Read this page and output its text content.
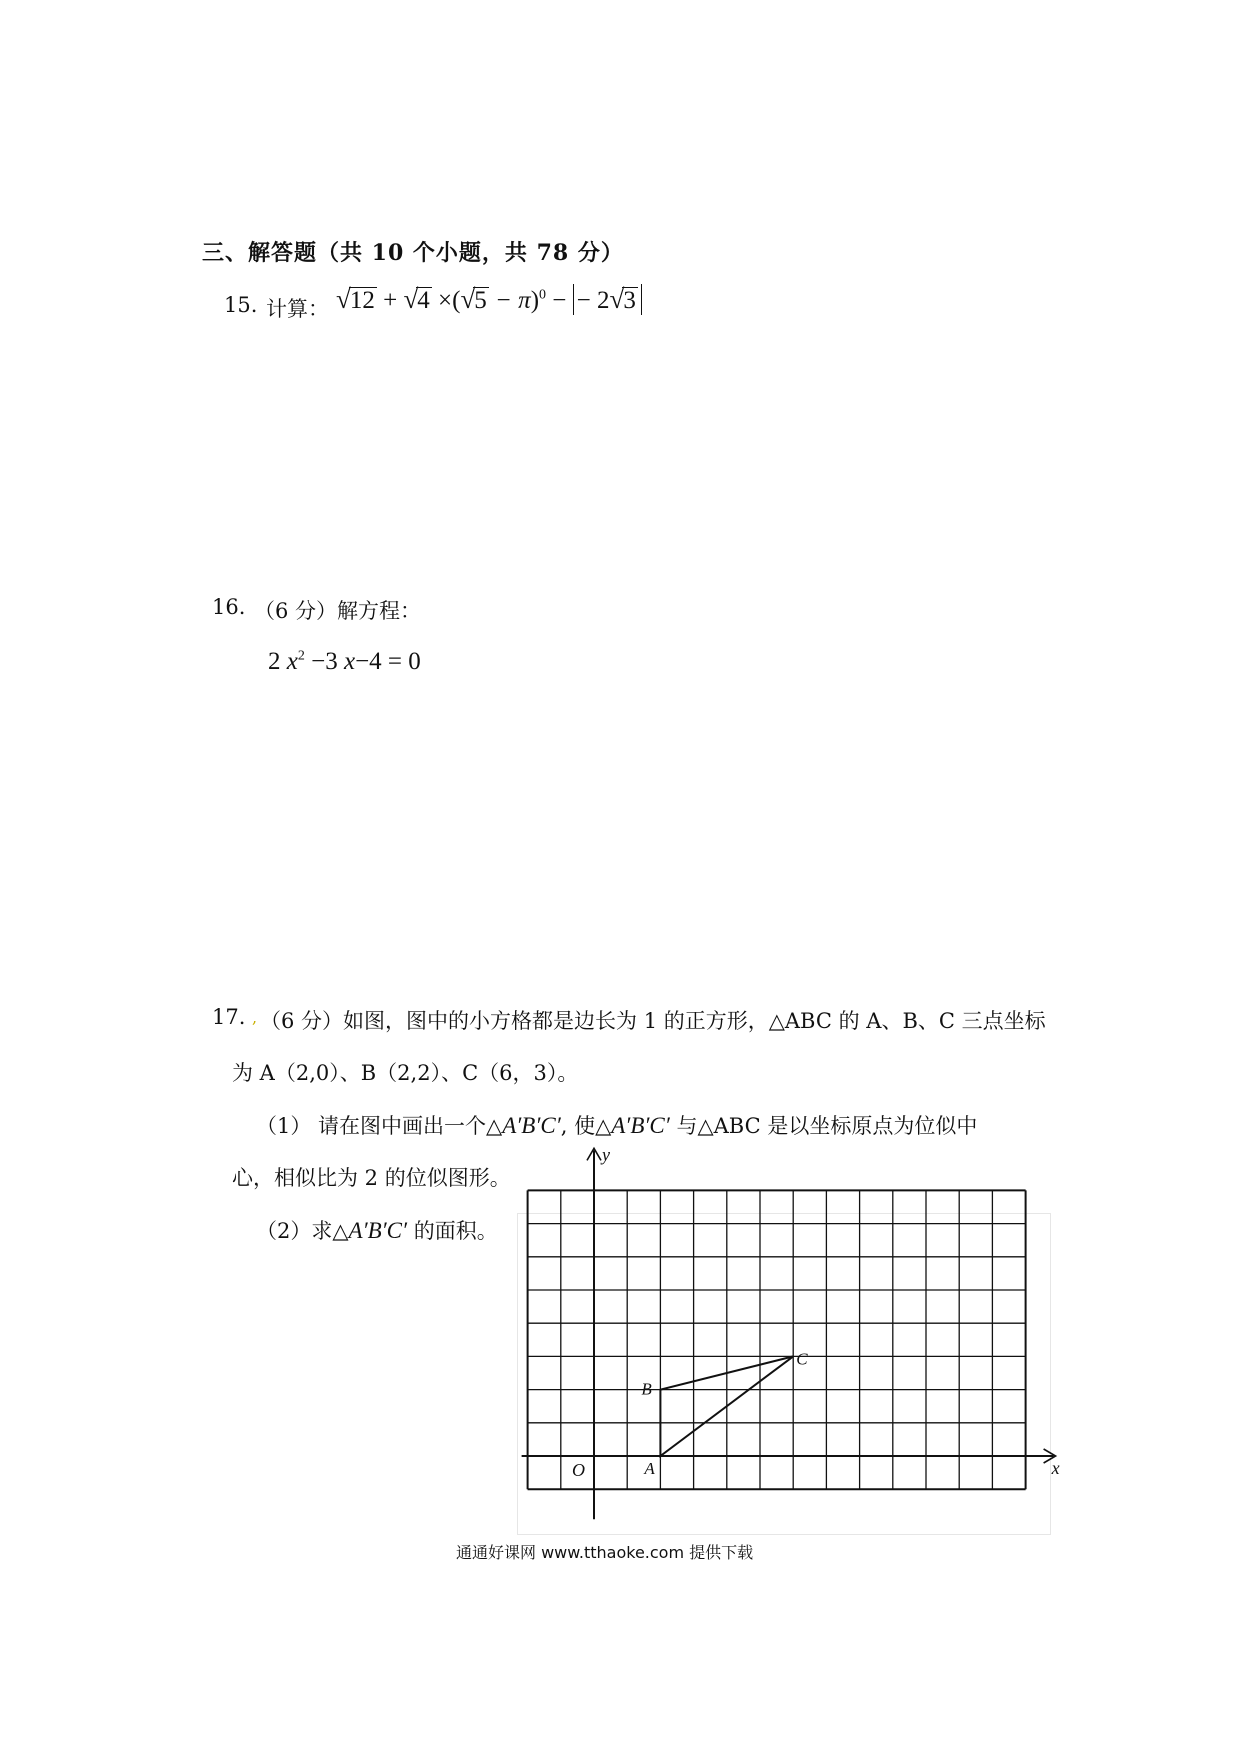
三、解答题（共 10 个小题，共 78 分）
15. 计算： $√12 + √4 \times(√5 - \pi)^0$ − − 2√3
16. （6 分）解方程：
2 $x^2 -3$ x−4 = 0
17. , （6 分）如图，图中的小方格都是边长为 1 的正方形，△ABC 的 A、B、C 三点坐标
为 A（2,0）、B（2,2）、C（6，3）。
（1） 请在图中画出一个△A′B′C′, 使△A′B′C′ 与△ABC 是以坐标原点为位似中
心，相似比为 2 的位似图形。
（2）求△A′B′C′ 的面积。
y
x
O	A
B
C
通通好课网 www.tthaoke.com 提供下载
